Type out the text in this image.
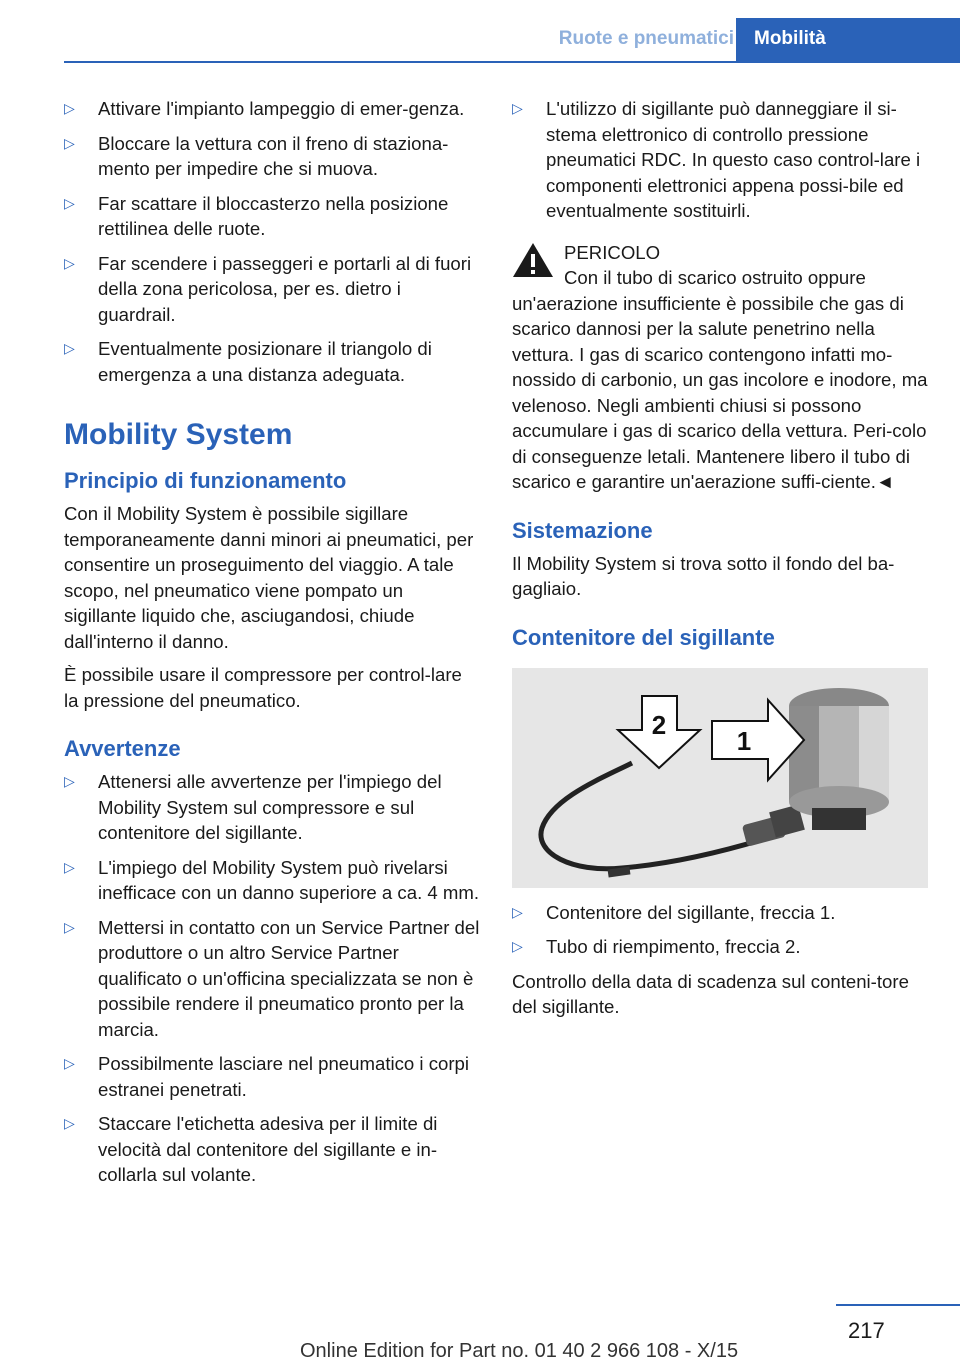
Ruote e pneumatici	Mobilità
▷ Attivare l'impianto lampeggio di emer-genza.
▷ Bloccare la vettura con il freno di staziona-mento per impedire che si muova.
▷ Far scattare il bloccasterzo nella posizione rettilinea delle ruote.
▷ Far scendere i passeggeri e portarli al di fuori della zona pericolosa, per es. dietro i guardrail.
▷ Eventualmente posizionare il triangolo di emergenza a una distanza adeguata.
Mobility System
Principio di funzionamento

Con il Mobility System è possibile sigillare temporaneamente danni minori ai pneumatici, per consentire un proseguimento del viaggio. A tale scopo, nel pneumatico viene pompato un sigillante liquido che, asciugandosi, chiude dall'interno il danno.

È possibile usare il compressore per control-lare la pressione del pneumatico.

Avvertenze
▷ Attenersi alle avvertenze per l'impiego del Mobility System sul compressore e sul contenitore del sigillante.
▷ L'impiego del Mobility System può rivelarsi inefficace con un danno superiore a ca. 4 mm.
▷ Mettersi in contatto con un Service Partner del produttore o un altro Service Partner qualificato o un'officina specializzata se non è possibile rendere il pneumatico pronto per la marcia.
▷ Possibilmente lasciare nel pneumatico i corpi estranei penetrati.
▷ Staccare l'etichetta adesiva per il limite di velocità dal contenitore del sigillante e in-collarla sul volante.
▷ L'utilizzo di sigillante può danneggiare il si-stema elettronico di controllo pressione pneumatici RDC. In questo caso control-lare i componenti elettronici appena possi-bile ed eventualmente sostituirli.
PERICOLO
Con il tubo di scarico ostruito oppure
un'aerazione insufficiente è possibile che gas di scarico dannosi per la salute penetrino nella vettura. I gas di scarico contengono infatti mo-nossido di carbonio, un gas incolore e inodore, ma velenoso. Negli ambienti chiusi si possono accumulare i gas di scarico della vettura. Peri-colo di conseguenze letali. Mantenere libero il tubo di scarico e garantire un'aerazione suffi-ciente.◄
Sistemazione

Il Mobility System si trova sotto il fondo del ba-gagliaio.

Contenitore del sigillante
2
1
▷ Contenitore del sigillante, freccia 1.
▷ Tubo di riempimento, freccia 2.

Controllo della data di scadenza sul conteni-tore del sigillante.

217
Online Edition for Part no. 01 40 2 966 108 - X/15
